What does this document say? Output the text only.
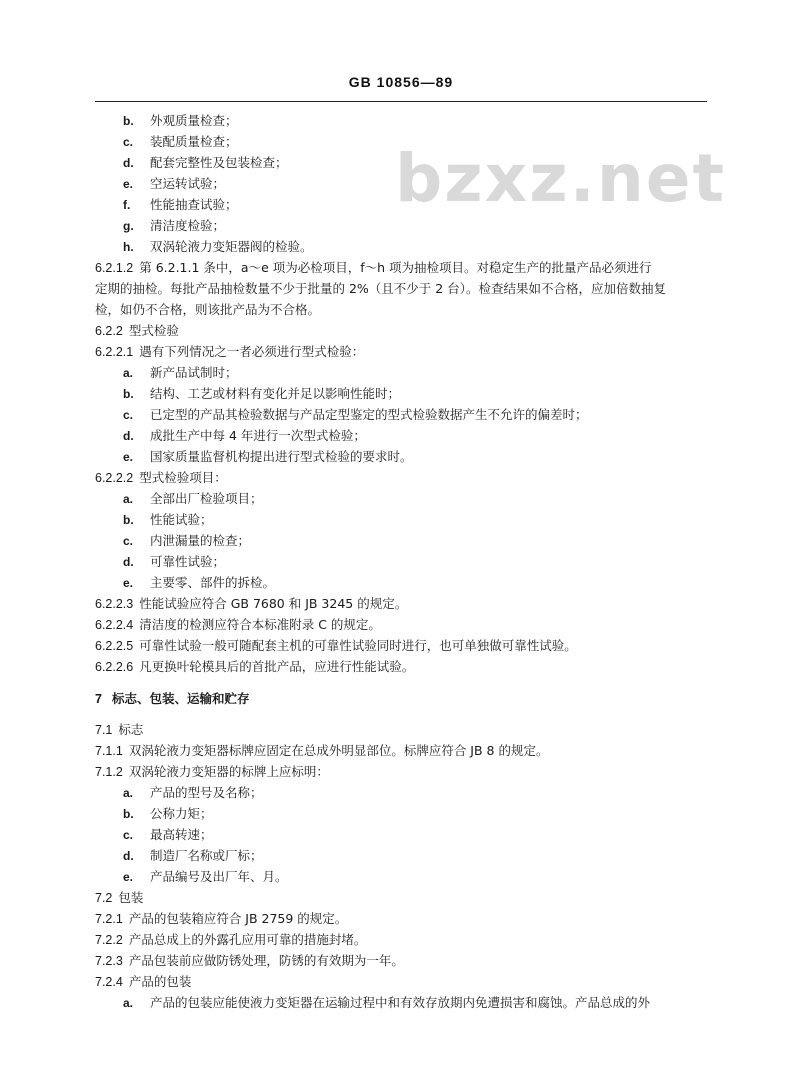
GB 10856—89
bzxz.net
b. 外观质量检查；
c. 装配质量检查；
d. 配套完整性及包装检查；
e. 空运转试验；
f. 性能抽查试验；
g. 清洁度检验；
h. 双涡轮液力变矩器阀的检验。
6.2.1.2 第 6.2.1.1 条中，a～e 项为必检项目，f～h 项为抽检项目。对稳定生产的批量产品必须进行
定期的抽检。每批产品抽检数量不少于批量的 2%（且不少于 2 台）。检查结果如不合格，应加倍数抽复
检，如仍不合格，则该批产品为不合格。
6.2.2 型式检验
6.2.2.1 遇有下列情况之一者必须进行型式检验：
a. 新产品试制时；
b. 结构、工艺或材料有变化并足以影响性能时；
c. 已定型的产品其检验数据与产品定型鉴定的型式检验数据产生不允许的偏差时；
d. 成批生产中每 4 年进行一次型式检验；
e. 国家质量监督机构提出进行型式检验的要求时。
6.2.2.2 型式检验项目：
a. 全部出厂检验项目；
b. 性能试验；
c. 内泄漏量的检查；
d. 可靠性试验；
e. 主要零、部件的拆检。
6.2.2.3 性能试验应符合 GB 7680 和 JB 3245 的规定。
6.2.2.4 清洁度的检测应符合本标准附录 C 的规定。
6.2.2.5 可靠性试验一般可随配套主机的可靠性试验同时进行，也可单独做可靠性试验。
6.2.2.6 凡更换叶轮模具后的首批产品，应进行性能试验。
7 标志、包装、运输和贮存
7.1 标志
7.1.1 双涡轮液力变矩器标牌应固定在总成外明显部位。标牌应符合 JB 8 的规定。
7.1.2 双涡轮液力变矩器的标牌上应标明：
a. 产品的型号及名称；
b. 公称力矩；
c. 最高转速；
d. 制造厂名称或厂标；
e. 产品编号及出厂年、月。
7.2 包装
7.2.1 产品的包装箱应符合 JB 2759 的规定。
7.2.2 产品总成上的外露孔应用可靠的措施封堵。
7.2.3 产品包装前应做防锈处理，防锈的有效期为一年。
7.2.4 产品的包装
a. 产品的包装应能使液力变矩器在运输过程中和有效存放期内免遭损害和腐蚀。产品总成的外
